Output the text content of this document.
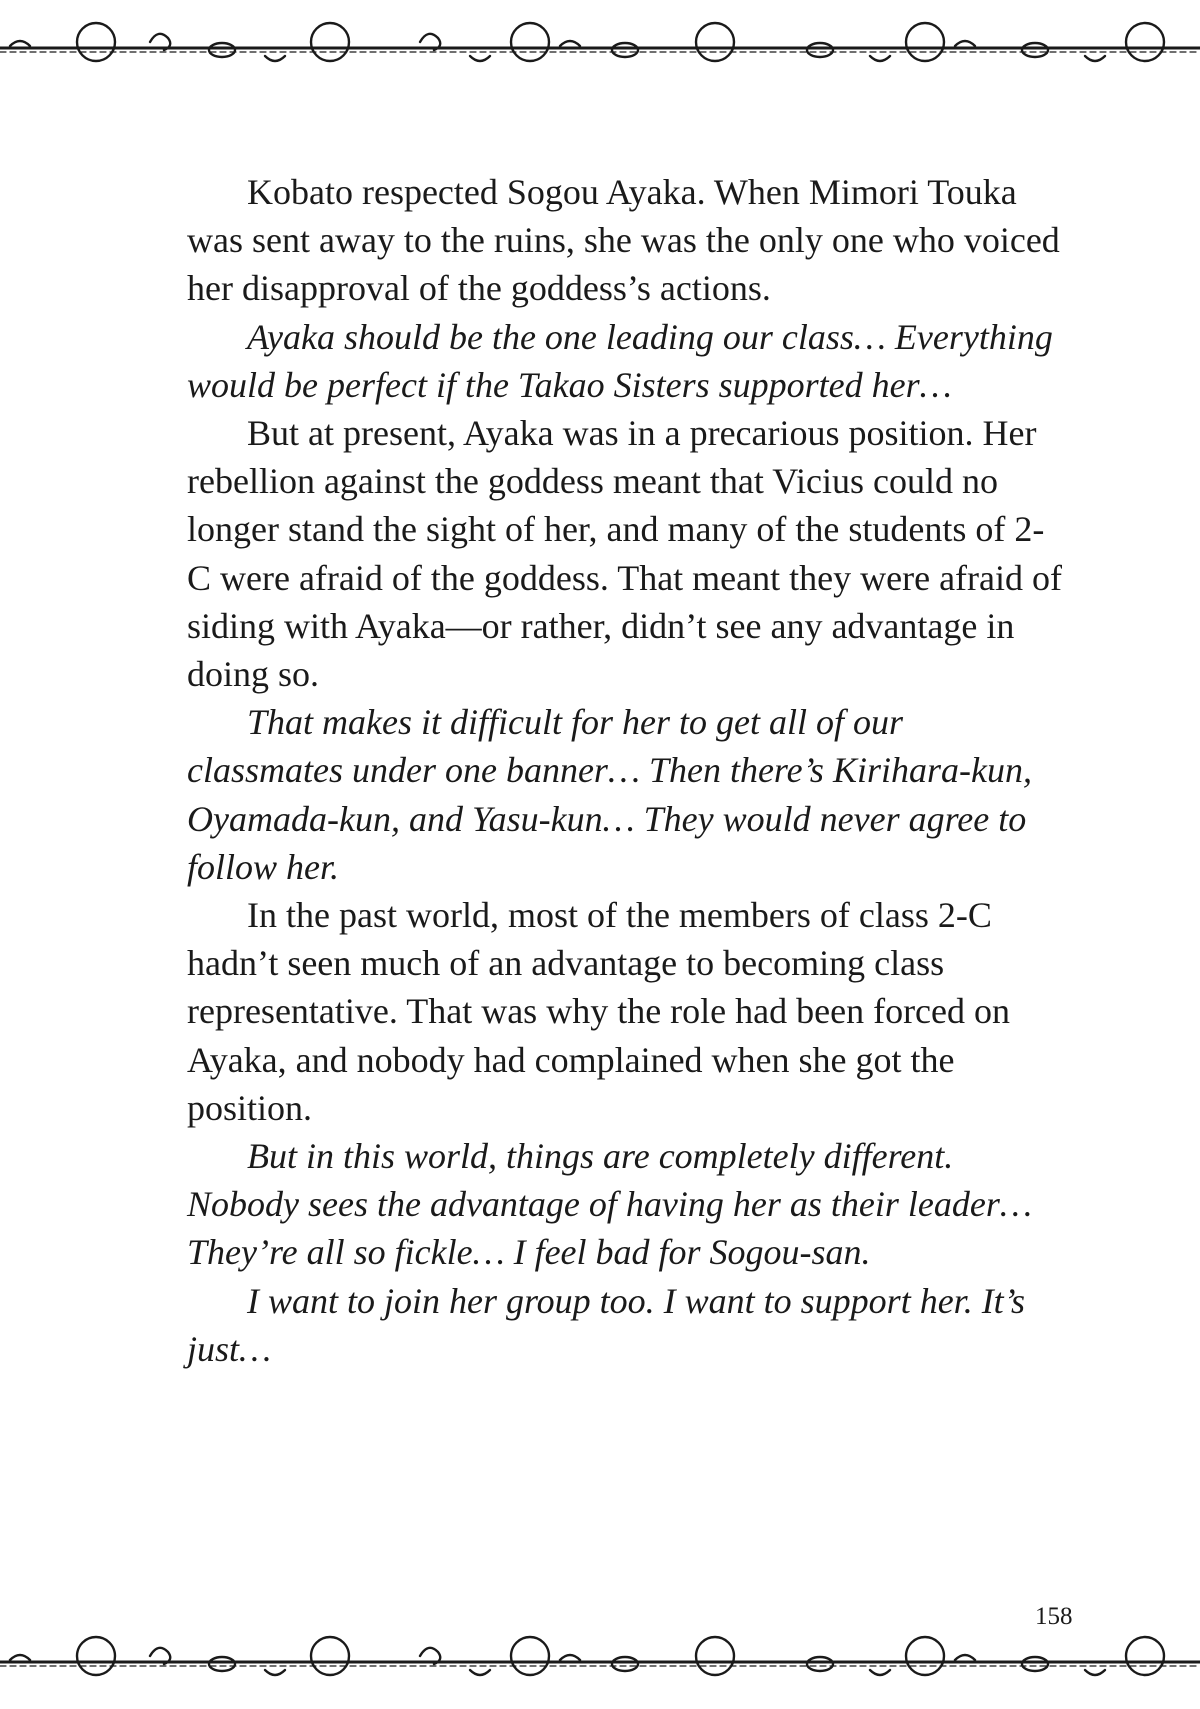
Kobato respected Sogou Ayaka. When Mimori Touka was sent away to the ruins, she was the only one who voiced her disapproval of the goddess’s actions.

Ayaka should be the one leading our class… Everything would be perfect if the Takao Sisters supported her…

But at present, Ayaka was in a precarious position. Her rebellion against the goddess meant that Vicius could no longer stand the sight of her, and many of the students of 2-C were afraid of the goddess. That meant they were afraid of siding with Ayaka—or rather, didn’t see any advantage in doing so.

That makes it difficult for her to get all of our classmates under one banner… Then there’s Kirihara-kun, Oyamada-kun, and Yasu-kun… They would never agree to follow her.

In the past world, most of the members of class 2-C hadn’t seen much of an advantage to becoming class representative. That was why the role had been forced on Ayaka, and nobody had complained when she got the position.

But in this world, things are completely different. Nobody sees the advantage of having her as their leader… They’re all so fickle… I feel bad for Sogou-san.

I want to join her group too. I want to support her. It’s just…

158
